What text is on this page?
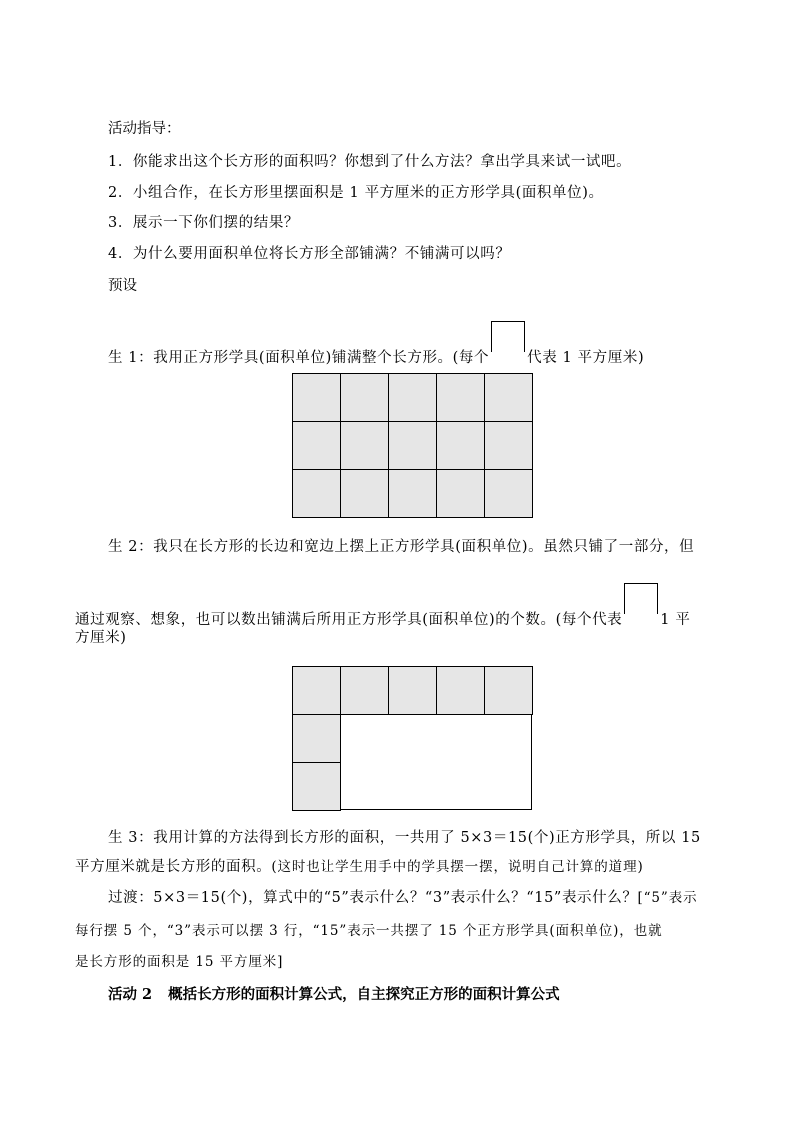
活动指导：
1．你能求出这个长方形的面积吗？你想到了什么方法？拿出学具来试一试吧。
2．小组合作，在长方形里摆面积是 1 平方厘米的正方形学具(面积单位)。
3．展示一下你们摆的结果？
4．为什么要用面积单位将长方形全部铺满？不铺满可以吗？
预设
生 1：我用正方形学具(面积单位)铺满整个长方形。(每个	代表 1 平方厘米)
生 2：我只在长方形的长边和宽边上摆上正方形学具(面积单位)。虽然只铺了一部分，但
通过观察、想象，也可以数出铺满后所用正方形学具(面积单位)的个数。(每个代表	1 平
方厘米)
生 3：我用计算的方法得到长方形的面积，一共用了 5×3＝15(个)正方形学具，所以 15
平方厘米就是长方形的面积。(这时也让学生用手中的学具摆一摆，说明自己计算的道理)
过渡：5×3＝15(个)，算式中的“5”表示什么？“3”表示什么？“15”表示什么？[“5”表示
每行摆 5 个，“3”表示可以摆 3 行，“15”表示一共摆了 15 个正方形学具(面积单位)，也就
是长方形的面积是 15 平方厘米]
活动 2 概括长方形的面积计算公式，自主探究正方形的面积计算公式
